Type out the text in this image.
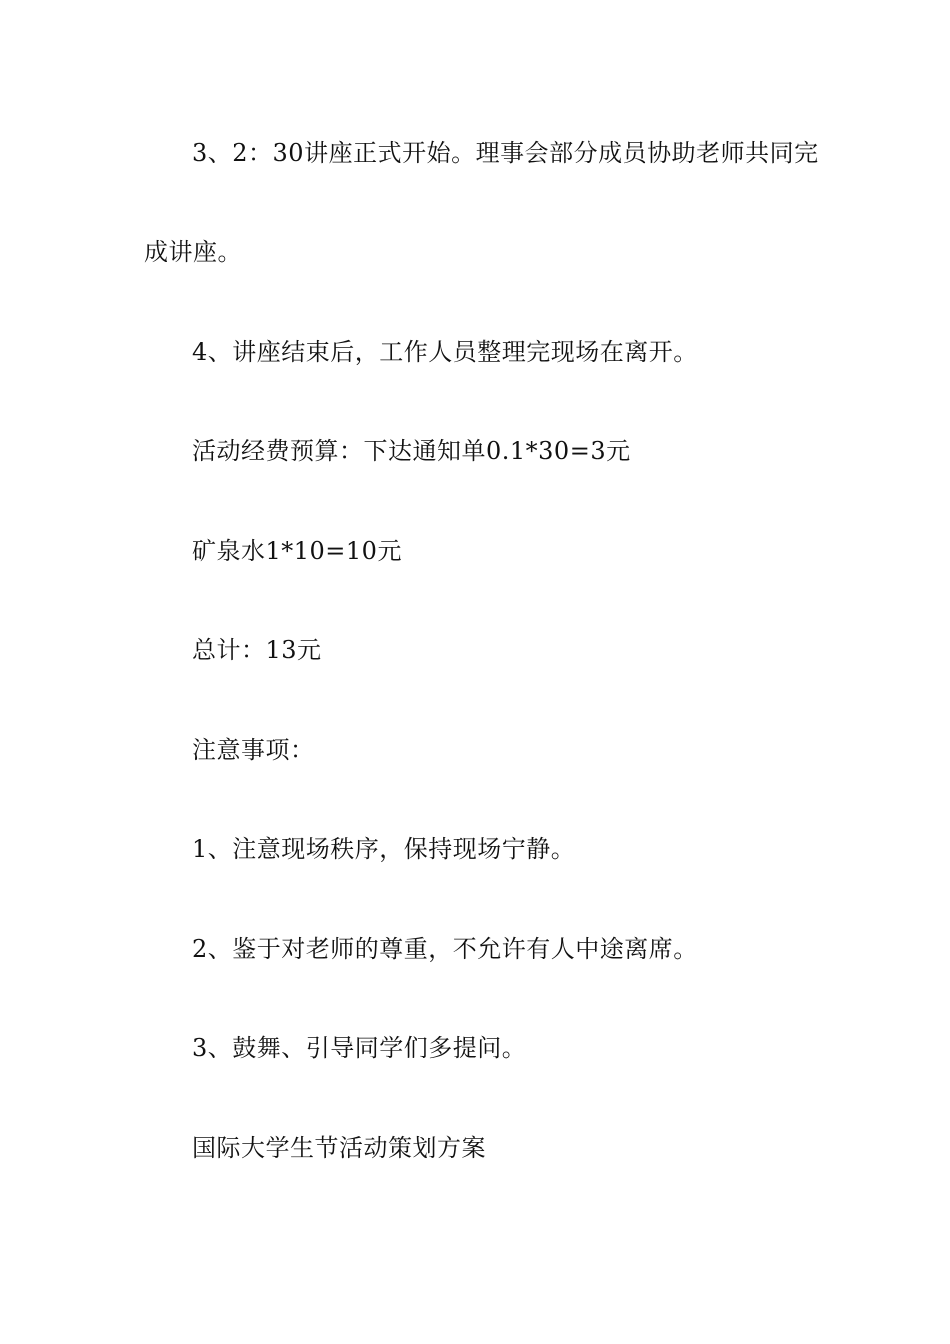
3、2：30讲座正式开始。理事会部分成员协助老师共同完
成讲座。
4、讲座结束后，工作人员整理完现场在离开。
活动经费预算：下达通知单0.1*30=3元
矿泉水1*10=10元
总计：13元
注意事项：
1、注意现场秩序，保持现场宁静。
2、鉴于对老师的尊重，不允许有人中途离席。
3、鼓舞、引导同学们多提问。
国际大学生节活动策划方案
